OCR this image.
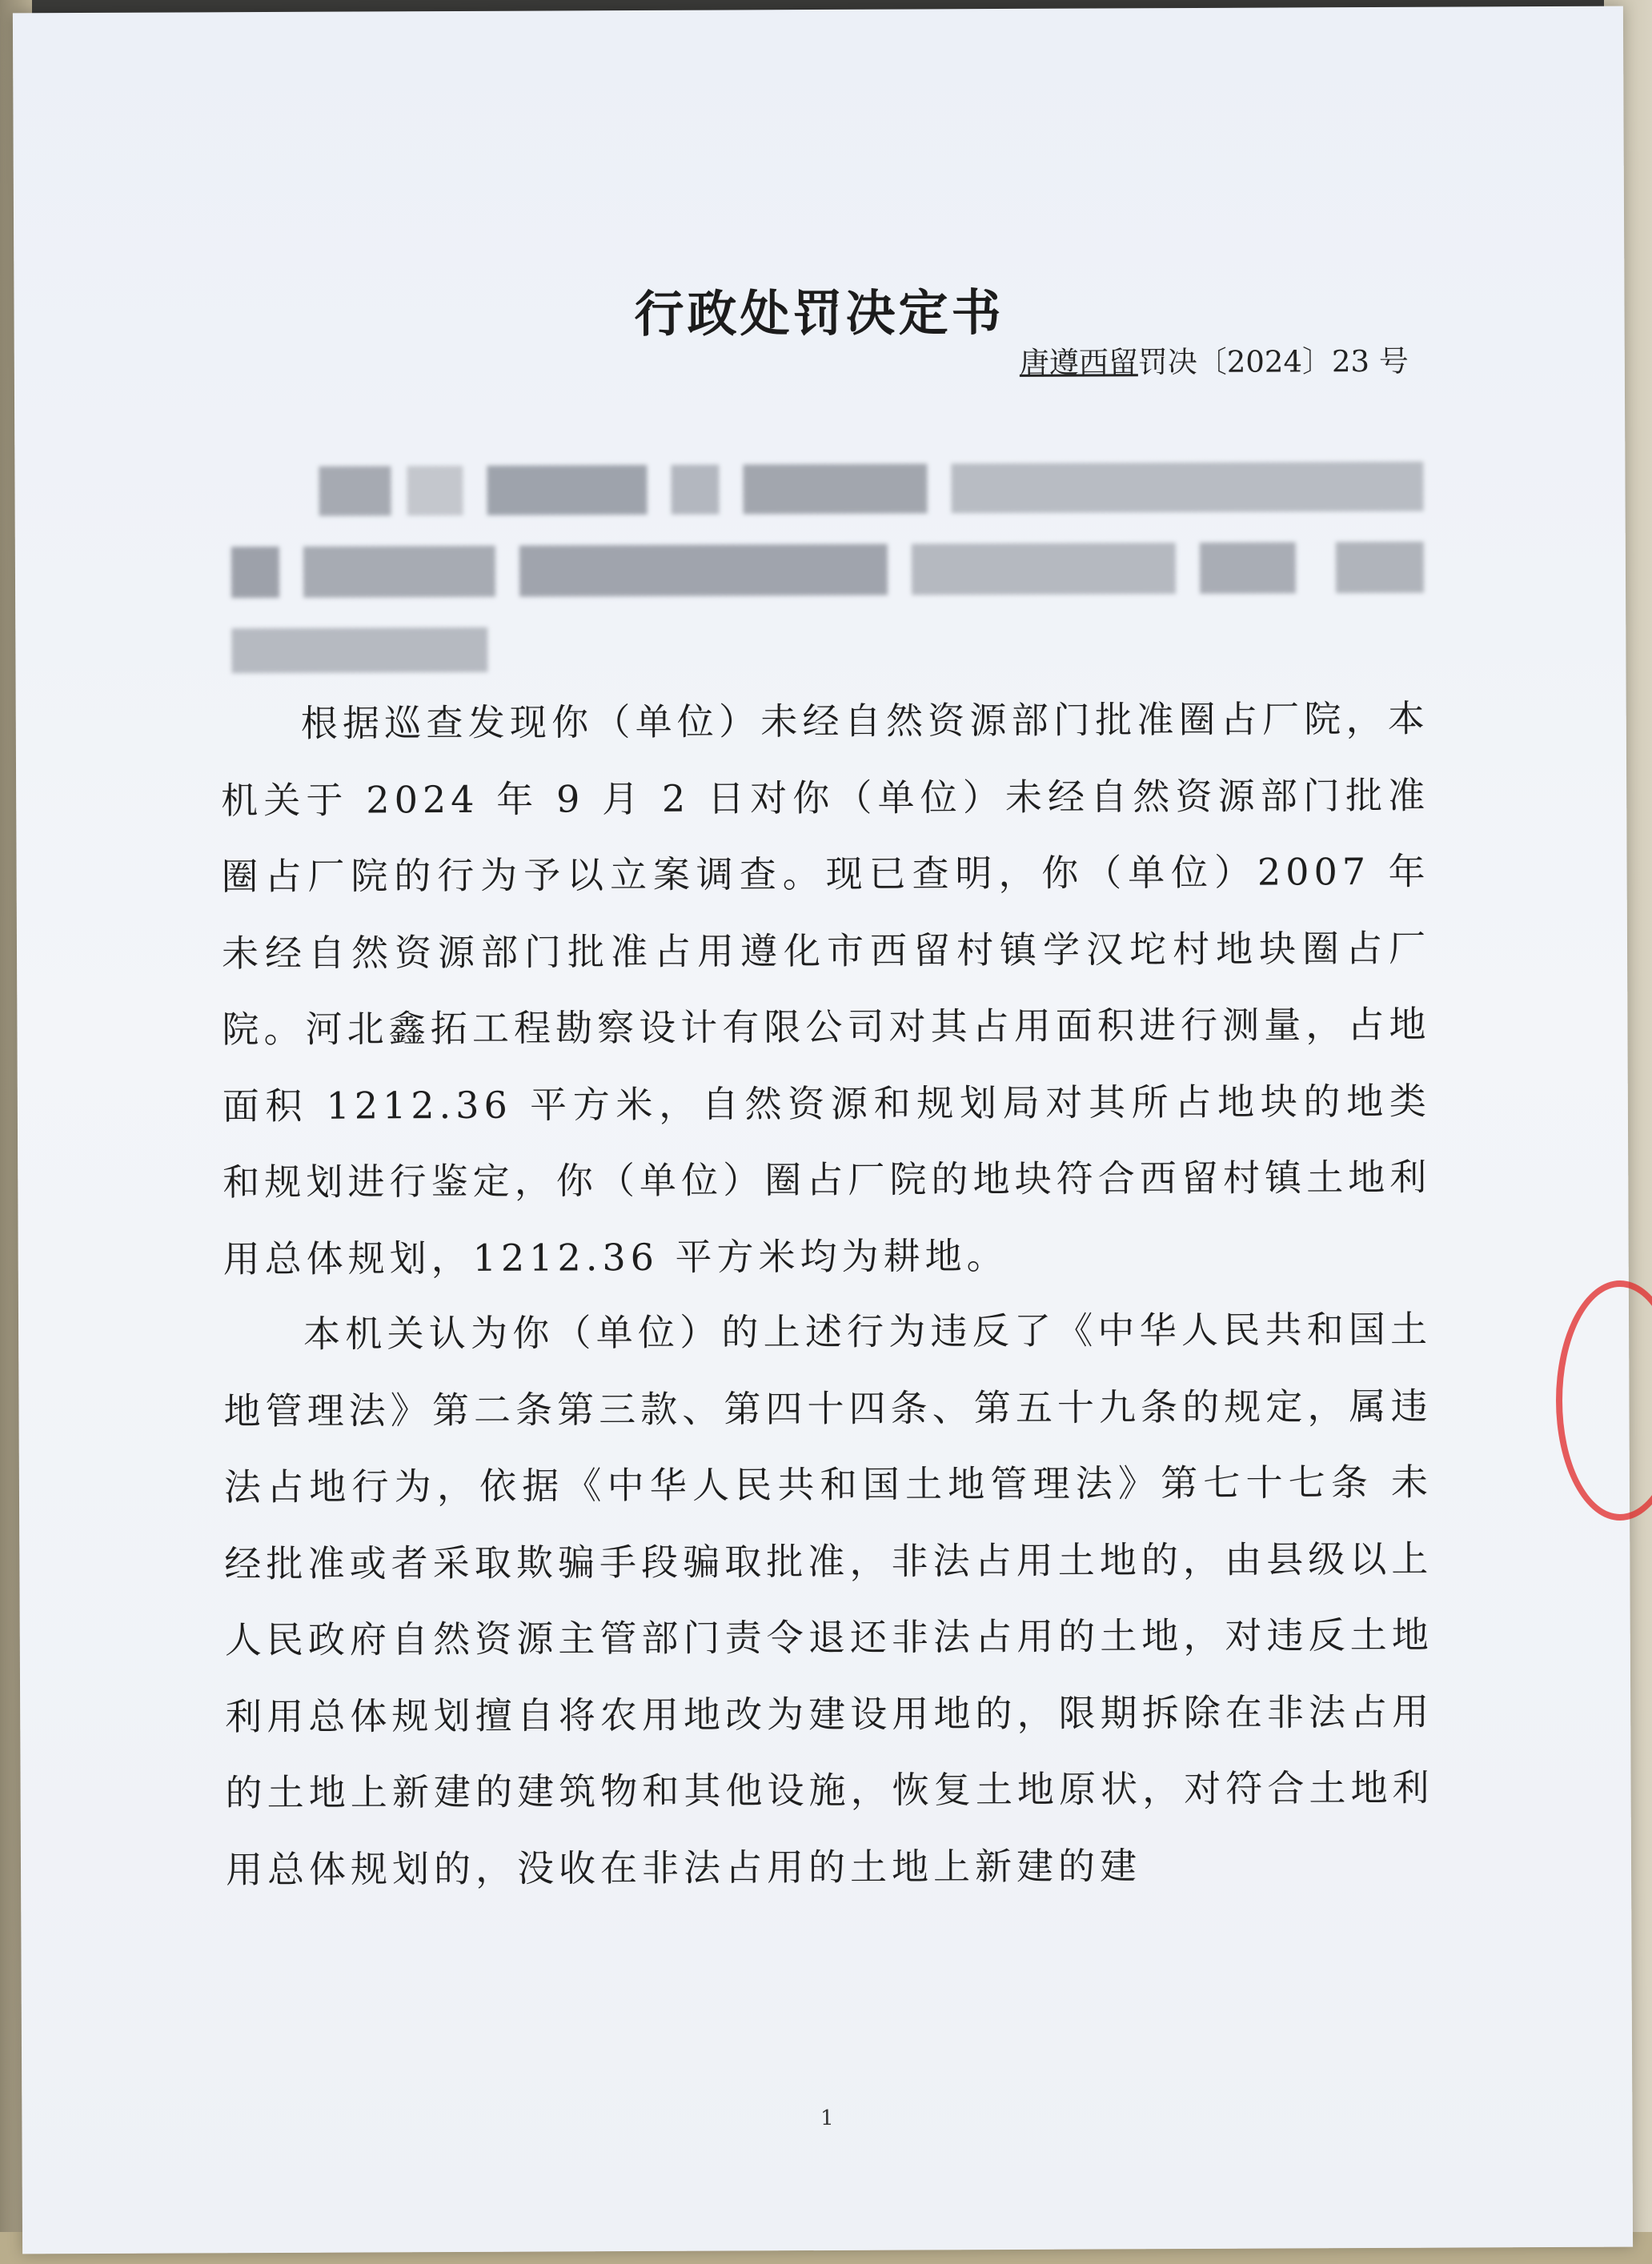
行政处罚决定书
唐遵西留罚决〔2024〕23 号

根据巡查发现你（单位）未经自然资源部门批准圈占厂院，本机关于 2024 年 9 月 2 日对你（单位）未经自然资源部门批准圈占厂院的行为予以立案调查。现已查明，你（单位）2007 年未经自然资源部门批准占用遵化市西留村镇学汉坨村地块圈占厂院。河北鑫拓工程勘察设计有限公司对其占用面积进行测量，占地面积 1212.36 平方米，自然资源和规划局对其所占地块的地类和规划进行鉴定，你（单位）圈占厂院的地块符合西留村镇土地利用总体规划，1212.36 平方米均为耕地。

本机关认为你（单位）的上述行为违反了《中华人民共和国土地管理法》第二条第三款、第四十四条、第五十九条的规定，属违法占地行为，依据《中华人民共和国土地管理法》第七十七条 未经批准或者采取欺骗手段骗取批准，非法占用土地的，由县级以上人民政府自然资源主管部门责令退还非法占用的土地，对违反土地利用总体规划擅自将农用地改为建设用地的，限期拆除在非法占用的土地上新建的建筑物和其他设施，恢复土地原状，对符合土地利用总体规划的，没收在非法占用的土地上新建的建

1
